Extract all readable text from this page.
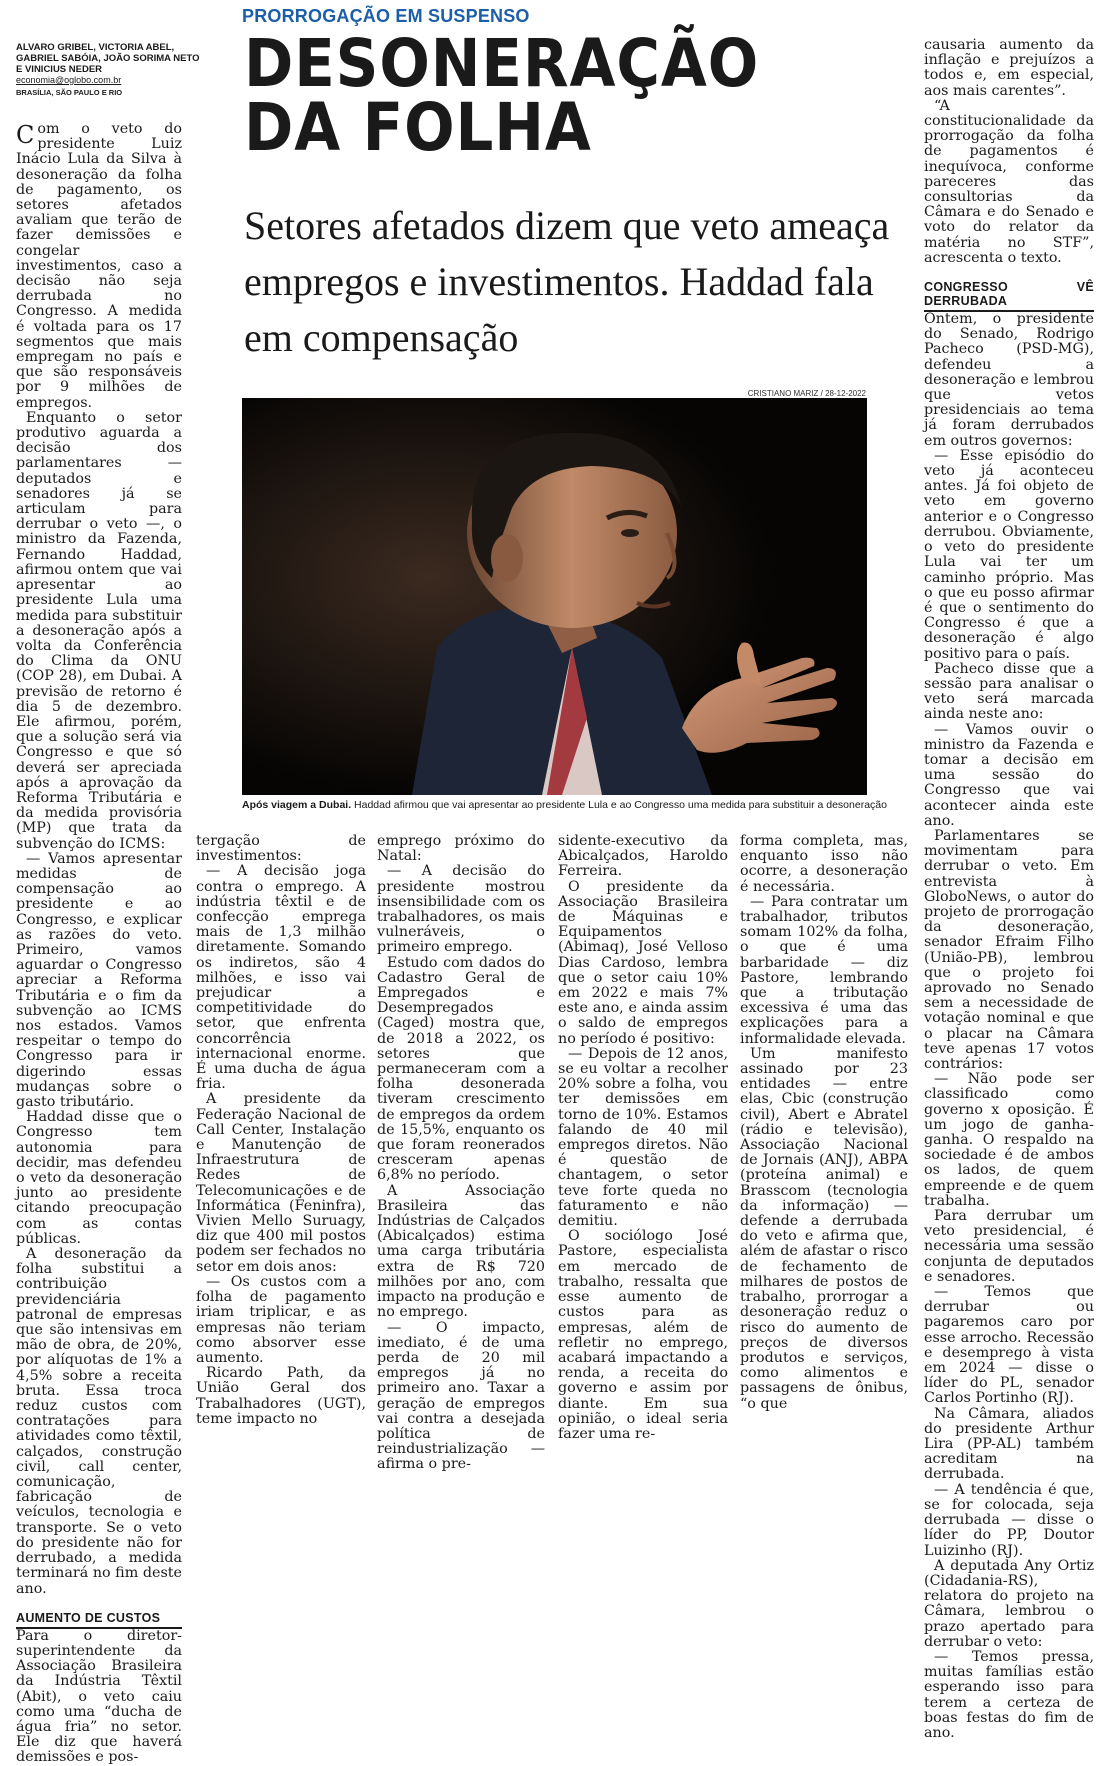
PRORROGAÇÃO EM SUSPENSO
DESONERAÇÃO
DA FOLHA
Setores afetados dizem que veto ameaça empregos e investimentos. Haddad fala em compensação
ALVARO GRIBEL, VICTORIA ABEL, GABRIEL SABÓIA, JOÃO SORIMA NETO E VINICIUS NEDER
economia@oglobo.com.br
BRASÍLIA, SÃO PAULO E RIO
CRISTIANO MARIZ / 28-12-2022
Após viagem a Dubai. Haddad afirmou que vai apresentar ao presidente Lula e ao Congresso uma medida para substituir a desoneração

Com o veto do presidente Luiz Inácio Lula da Silva à desoneração da folha de pagamento, os setores afetados avaliam que terão de fazer demissões e congelar investimentos, caso a decisão não seja derrubada no Congresso. A medida é voltada para os 17 segmentos que mais empregam no país e que são responsáveis por 9 milhões de empregos.

Enquanto o setor produtivo aguarda a decisão dos parlamentares — deputados e senadores já se articulam para derrubar o veto —, o ministro da Fazenda, Fernando Haddad, afirmou ontem que vai apresentar ao presidente Lula uma medida para substituir a desoneração após a volta da Conferência do Clima da ONU (COP 28), em Dubai. A previsão de retorno é dia 5 de dezembro. Ele afirmou, porém, que a solução será via Congresso e que só deverá ser apreciada após a aprovação da Reforma Tributária e da medida provisória (MP) que trata da subvenção do ICMS:

— Vamos apresentar medidas de compensação ao presidente e ao Congresso, e explicar as razões do veto. Primeiro, vamos aguardar o Congresso apreciar a Reforma Tributária e o fim da subvenção ao ICMS nos estados. Vamos respeitar o tempo do Congresso para ir digerindo essas mudanças sobre o gasto tributário.

Haddad disse que o Congresso tem autonomia para decidir, mas defendeu o veto da desoneração junto ao presidente citando preocupação com as contas públicas.

A desoneração da folha substitui a contribuição previdenciária patronal de empresas que são intensivas em mão de obra, de 20%, por alíquotas de 1% a 4,5% sobre a receita bruta. Essa troca reduz custos com contratações para atividades como têxtil, calçados, construção civil, call center, comunicação, fabricação de veículos, tecnologia e transporte. Se o veto do presidente não for derrubado, a medida terminará no fim deste ano.

AUMENTO DE CUSTOS

Para o diretor-superintendente da Associação Brasileira da Indústria Têxtil (Abit), o veto caiu como uma “ducha de água fria” no setor. Ele diz que haverá demissões e pos-

tergação de investimentos:

— A decisão joga contra o emprego. A indústria têxtil e de confecção emprega mais de 1,3 milhão diretamente. Somando os indiretos, são 4 milhões, e isso vai prejudicar a competitividade do setor, que enfrenta concorrência internacional enorme. É uma ducha de água fria.

A presidente da Federação Nacional de Call Center, Instalação e Manutenção de Infraestrutura de Redes de Telecomunicações e de Informática (Feninfra), Vivien Mello Suruagy, diz que 400 mil postos podem ser fechados no setor em dois anos:

— Os custos com a folha de pagamento iriam triplicar, e as empresas não teriam como absorver esse aumento.

Ricardo Path, da União Geral dos Trabalhadores (UGT), teme impacto no

emprego próximo do Natal:

— A decisão do presidente mostrou insensibilidade com os trabalhadores, os mais vulneráveis, o primeiro emprego.

Estudo com dados do Cadastro Geral de Empregados e Desempregados (Caged) mostra que, de 2018 a 2022, os setores que permaneceram com a folha desonerada tiveram crescimento de empregos da ordem de 15,5%, enquanto os que foram reonerados cresceram apenas 6,8% no período.

A Associação Brasileira das Indústrias de Calçados (Abicalçados) estima uma carga tributária extra de R$ 720 milhões por ano, com impacto na produção e no emprego.

— O impacto, imediato, é de uma perda de 20 mil empregos já no primeiro ano. Taxar a geração de empregos vai contra a desejada política de reindustrialização — afirma o pre-

sidente-executivo da Abicalçados, Haroldo Ferreira.

O presidente da Associação Brasileira de Máquinas e Equipamentos (Abimaq), José Velloso Dias Cardoso, lembra que o setor caiu 10% em 2022 e mais 7% este ano, e ainda assim o saldo de empregos no período é positivo:

— Depois de 12 anos, se eu voltar a recolher 20% sobre a folha, vou ter demissões em torno de 10%. Estamos falando de 40 mil empregos diretos. Não é questão de chantagem, o setor teve forte queda no faturamento e não demitiu.

O sociólogo José Pastore, especialista em mercado de trabalho, ressalta que esse aumento de custos para as empresas, além de refletir no emprego, acabará impactando a renda, a receita do governo e assim por diante. Em sua opinião, o ideal seria fazer uma re-

forma completa, mas, enquanto isso não ocorre, a desoneração é necessária.

— Para contratar um trabalhador, tributos somam 102% da folha, o que é uma barbaridade — diz Pastore, lembrando que a tributação excessiva é uma das explicações para a informalidade elevada.

Um manifesto assinado por 23 entidades — entre elas, Cbic (construção civil), Abert e Abratel (rádio e televisão), Associação Nacional de Jornais (ANJ), ABPA (proteína animal) e Brasscom (tecnologia da informação) — defende a derrubada do veto e afirma que, além de afastar o risco de fechamento de milhares de postos de trabalho, prorrogar a desoneração reduz o risco do aumento de preços de diversos produtos e serviços, como alimentos e passagens de ônibus, “o que

causaria aumento da inflação e prejuízos a todos e, em especial, aos mais carentes”.

“A constitucionalidade da prorrogação da folha de pagamentos é inequívoca, conforme pareceres das consultorias da Câmara e do Senado e voto do relator da matéria no STF”, acrescenta o texto.

CONGRESSO VÊ DERRUBADA

Ontem, o presidente do Senado, Rodrigo Pacheco (PSD-MG), defendeu a desoneração e lembrou que vetos presidenciais ao tema já foram derrubados em outros governos:

— Esse episódio do veto já aconteceu antes. Já foi objeto de veto em governo anterior e o Congresso derrubou. Obviamente, o veto do presidente Lula vai ter um caminho próprio. Mas o que eu posso afirmar é que o sentimento do Congresso é que a desoneração é algo positivo para o país.

Pacheco disse que a sessão para analisar o veto será marcada ainda neste ano:

— Vamos ouvir o ministro da Fazenda e tomar a decisão em uma sessão do Congresso que vai acontecer ainda este ano.

Parlamentares se movimentam para derrubar o veto. Em entrevista à GloboNews, o autor do projeto de prorrogação da desoneração, senador Efraim Filho (União-PB), lembrou que o projeto foi aprovado no Senado sem a necessidade de votação nominal e que o placar na Câmara teve apenas 17 votos contrários:

— Não pode ser classificado como governo x oposição. É um jogo de ganha-ganha. O respaldo na sociedade é de ambos os lados, de quem empreende e de quem trabalha.

Para derrubar um veto presidencial, é necessária uma sessão conjunta de deputados e senadores.

— Temos que derrubar ou pagaremos caro por esse arrocho. Recessão e desemprego à vista em 2024 — disse o líder do PL, senador Carlos Portinho (RJ).

Na Câmara, aliados do presidente Arthur Lira (PP-AL) também acreditam na derrubada.

— A tendência é que, se for colocada, seja derrubada — disse o líder do PP, Doutor Luizinho (RJ).

A deputada Any Ortiz (Cidadania-RS), relatora do projeto na Câmara, lembrou o prazo apertado para derrubar o veto:

— Temos pressa, muitas famílias estão esperando isso para terem a certeza de boas festas do fim de ano.
